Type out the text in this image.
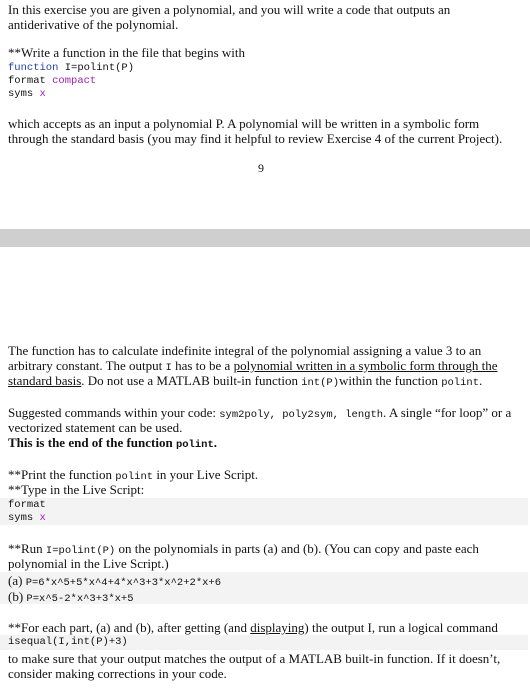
In this exercise you are given a polynomial, and you will write a code that outputs an

antiderivative of the polynomial.

**Write a function in the file that begins with

function I=polint(P)
format compact
syms x

which accepts as an input a polynomial P. A polynomial will be written in a symbolic form

through the standard basis (you may find it helpful to review Exercise 4 of the current Project).

9

The function has to calculate indefinite integral of the polynomial assigning a value 3 to an

arbitrary constant. The output I has to be a polynomial written in a symbolic form through the

standard basis. Do not use a MATLAB built-in function int(P)within the function polint.

Suggested commands within your code: sym2poly, poly2sym, length. A single “for loop” or a

vectorized statement can be used.

This is the end of the function polint.

**Print the function polint in your Live Script.

**Type in the Live Script:

format
syms x

**Run I=polint(P) on the polynomials in parts (a) and (b). (You can copy and paste each

polynomial in the Live Script.)

(a) P=6*x^5+5*x^4+4*x^3+3*x^2+2*x+6

(b) P=x^5-2*x^3+3*x+5

**For each part, (a) and (b), after getting (and displaying) the output I, run a logical command

isequal(I,int(P)+3)

to make sure that your output matches the output of a MATLAB built-in function. If it doesn’t,

consider making corrections in your code.
